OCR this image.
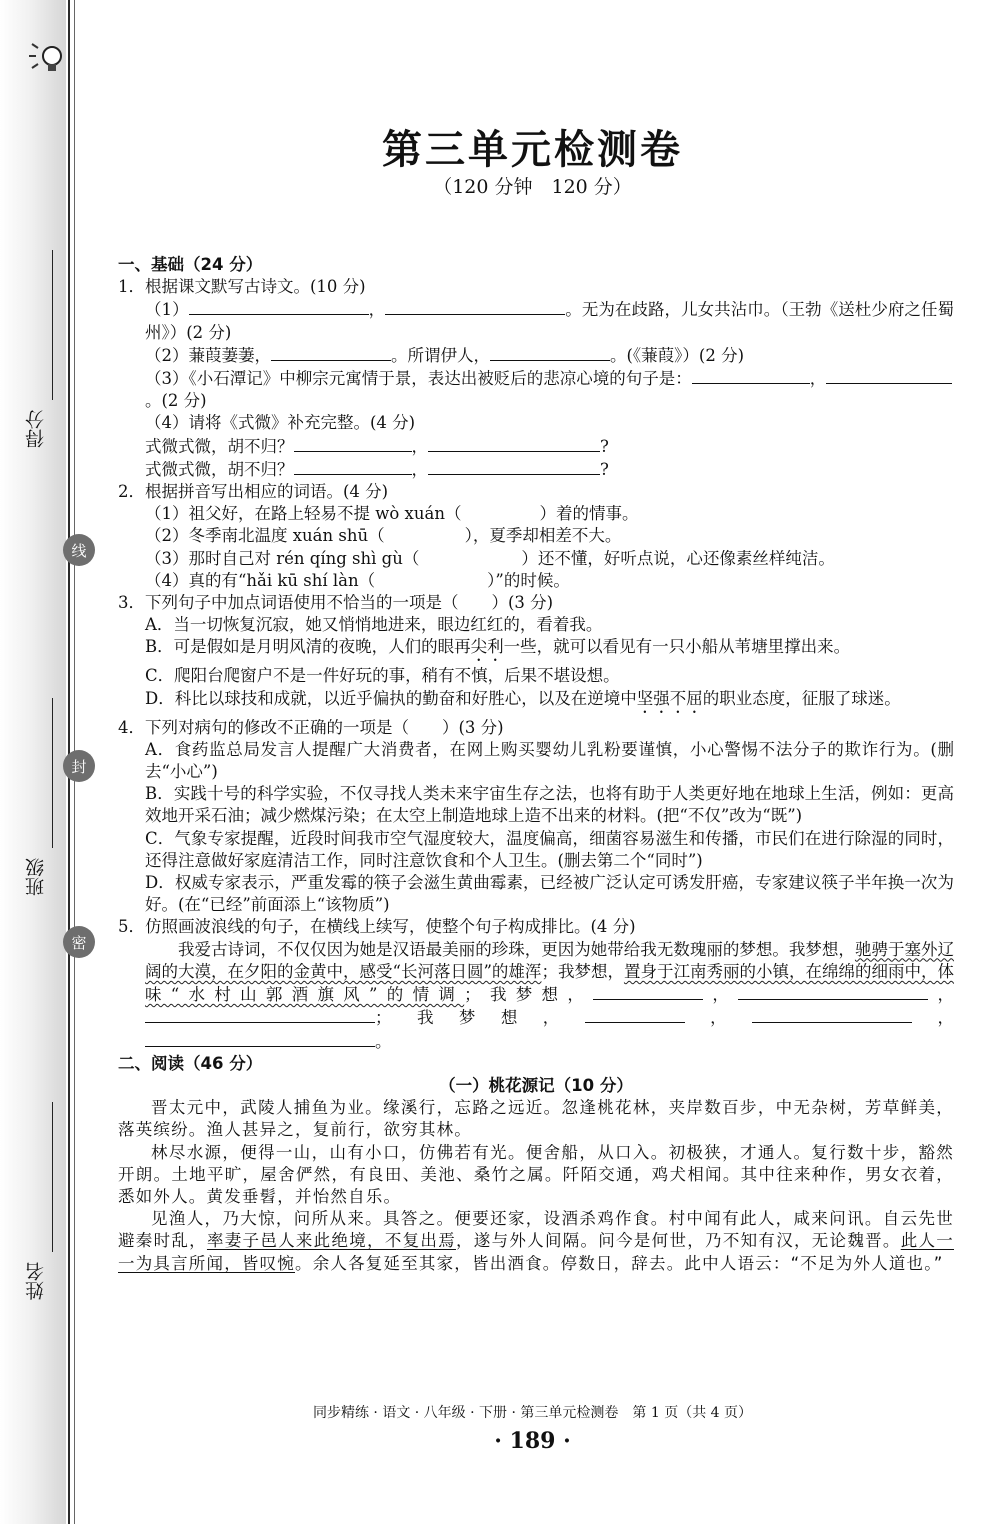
得分
班级
姓名
线
封
密
第三单元检测卷
（120 分钟　120 分）
一、基础（24 分）
1．根据课文默写古诗文。(10 分)
（1）	，	。无为在歧路，儿女共沾巾。（王勃《送杜少府之任蜀州》）(2 分)
（2）蒹葭萋萋，	。所谓伊人，	。(《蒹葭》）(2 分)
（3）《小石潭记》中柳宗元寓情于景，表达出被贬后的悲凉心境的句子是：	，。(2 分)
（4）请将《式微》补充完整。(4 分)
式微式微，胡不归？	，	?
式微式微，胡不归？	，	?
2．根据拼音写出相应的词语。(4 分)
（1）祖父好，在路上轻易不提 wò xuán（	）着的情事。
（2）冬季南北温度 xuán shū（	），夏季却相差不大。
（3）那时自己对 rén qíng shì gù（	）还不懂，好听点说，心还像素丝样纯洁。
（4）真的有“hǎi kū shí làn（	）”的时候。
3．下列句子中加点词语使用不恰当的一项是（　　）(3 分)
A．当一切恢复沉寂，她又悄悄地进来，眼边红红的，看着我。
B．可是假如是月明风清的夜晚，人们的眼再尖利一些，就可以看见有一只小船从苇塘里撑出来。
C．爬阳台爬窗户不是一件好玩的事，稍有不慎，后果不堪设想。
D．科比以球技和成就，以近乎偏执的勤奋和好胜心，以及在逆境中坚强不屈的职业态度，征服了球迷。
4．下列对病句的修改不正确的一项是（　　）(3 分)
A．食药监总局发言人提醒广大消费者，在网上购买婴幼儿乳粉要谨慎，小心警惕不法分子的欺诈行为。(删去“小心”)
B．实践十号的科学实验，不仅寻找人类未来宇宙生存之法，也将有助于人类更好地在地球上生活，例如：更高效地开采石油；减少燃煤污染；在太空上制造地球上造不出来的材料。(把“不仅”改为“既”)
C．气象专家提醒，近段时间我市空气湿度较大，温度偏高，细菌容易滋生和传播，市民们在进行除湿的同时，还得注意做好家庭清洁工作，同时注意饮食和个人卫生。(删去第二个“同时”)
D．权威专家表示，严重发霉的筷子会滋生黄曲霉素，已经被广泛认定可诱发肝癌，专家建议筷子半年换一次为好。(在“已经”前面添上“该物质”)
5．仿照画波浪线的句子，在横线上续写，使整个句子构成排比。(4 分)
我爱古诗词，不仅仅因为她是汉语最美丽的珍珠，更因为她带给我无数瑰丽的梦想。我梦想，驰骋于塞外辽阔的大漠，在夕阳的金黄中，感受“长河落日圆”的雄浑；我梦想，置身于江南秀丽的小镇，在绵绵的细雨中，体味“水村山郭酒旗风”的情调；我梦想，	，	，；我梦想，	，	，。
二、阅读（46 分）
（一）桃花源记（10 分）
晋太元中，武陵人捕鱼为业。缘溪行，忘路之远近。忽逢桃花林，夹岸数百步，中无杂树，芳草鲜美，落英缤纷。渔人甚异之，复前行，欲穷其林。
林尽水源，便得一山，山有小口，仿佛若有光。便舍船，从口入。初极狭，才通人。复行数十步，豁然开朗。土地平旷，屋舍俨然，有良田、美池、桑竹之属。阡陌交通，鸡犬相闻。其中往来种作，男女衣着，悉如外人。黄发垂髫，并怡然自乐。
见渔人，乃大惊，问所从来。具答之。便要还家，设酒杀鸡作食。村中闻有此人，咸来问讯。自云先世避秦时乱，率妻子邑人来此绝境，不复出焉，遂与外人间隔。问今是何世，乃不知有汉，无论魏晋。此人一一为具言所闻，皆叹惋。余人各复延至其家，皆出酒食。停数日，辞去。此中人语云：“不足为外人道也。”
同步精练 · 语文 · 八年级 · 下册 · 第三单元检测卷　第 1 页（共 4 页）
· 189 ·
